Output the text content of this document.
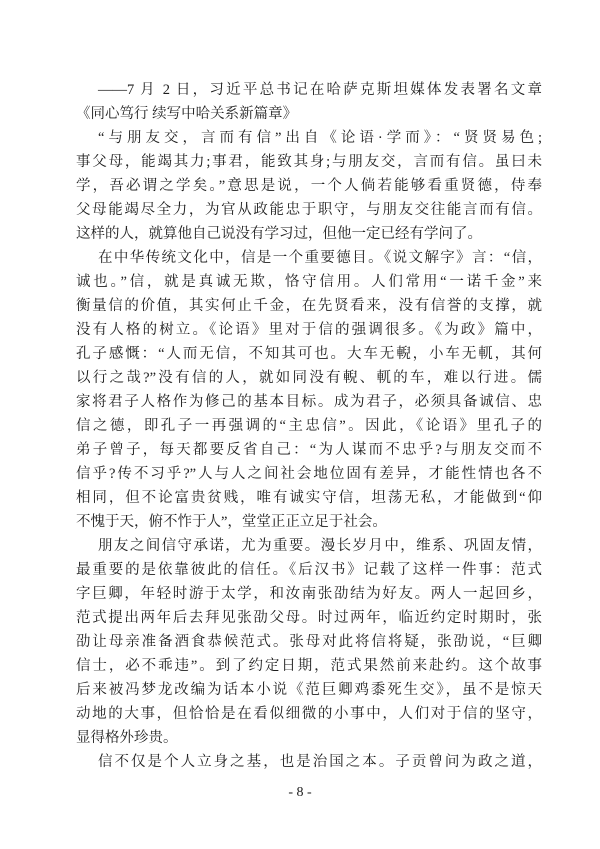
——7 月 2 日，习近平总书记在哈萨克斯坦媒体发表署名文章
《同心笃行 续写中哈关系新篇章》
“与朋友交，言而有信”出自《论语·学而》：“贤贤易色;
事父母，能竭其力;事君，能致其身;与朋友交，言而有信。虽曰未
学，吾必谓之学矣。”意思是说，一个人倘若能够看重贤德，侍奉
父母能竭尽全力，为官从政能忠于职守，与朋友交往能言而有信。
这样的人，就算他自己说没有学习过，但他一定已经有学问了。
在中华传统文化中，信是一个重要德目。《说文解字》言：“信，
诚也。”信，就是真诚无欺，恪守信用。人们常用“一诺千金”来
衡量信的价值，其实何止千金，在先贤看来，没有信誉的支撑，就
没有人格的树立。《论语》里对于信的强调很多。《为政》篇中，
孔子感慨：“人而无信，不知其可也。大车无輗，小车无軏，其何
以行之哉?”没有信的人，就如同没有輗、軏的车，难以行进。儒
家将君子人格作为修己的基本目标。成为君子，必须具备诚信、忠
信之德，即孔子一再强调的“主忠信”。因此，《论语》里孔子的
弟子曾子，每天都要反省自己：“为人谋而不忠乎?与朋友交而不
信乎?传不习乎?”人与人之间社会地位固有差异，才能性情也各不
相同，但不论富贵贫贱，唯有诚实守信，坦荡无私，才能做到“仰
不愧于天，俯不怍于人”，堂堂正正立足于社会。
朋友之间信守承诺，尤为重要。漫长岁月中，维系、巩固友情，
最重要的是依靠彼此的信任。《后汉书》记载了这样一件事：范式
字巨卿，年轻时游于太学，和汝南张劭结为好友。两人一起回乡，
范式提出两年后去拜见张劭父母。时过两年，临近约定时期时，张
劭让母亲准备酒食恭候范式。张母对此将信将疑，张劭说，“巨卿
信士，必不乖违”。到了约定日期，范式果然前来赴约。这个故事
后来被冯梦龙改编为话本小说《范巨卿鸡黍死生交》，虽不是惊天
动地的大事，但恰恰是在看似细微的小事中，人们对于信的坚守，
显得格外珍贵。
信不仅是个人立身之基，也是治国之本。子贡曾问为政之道，
- 8 -
